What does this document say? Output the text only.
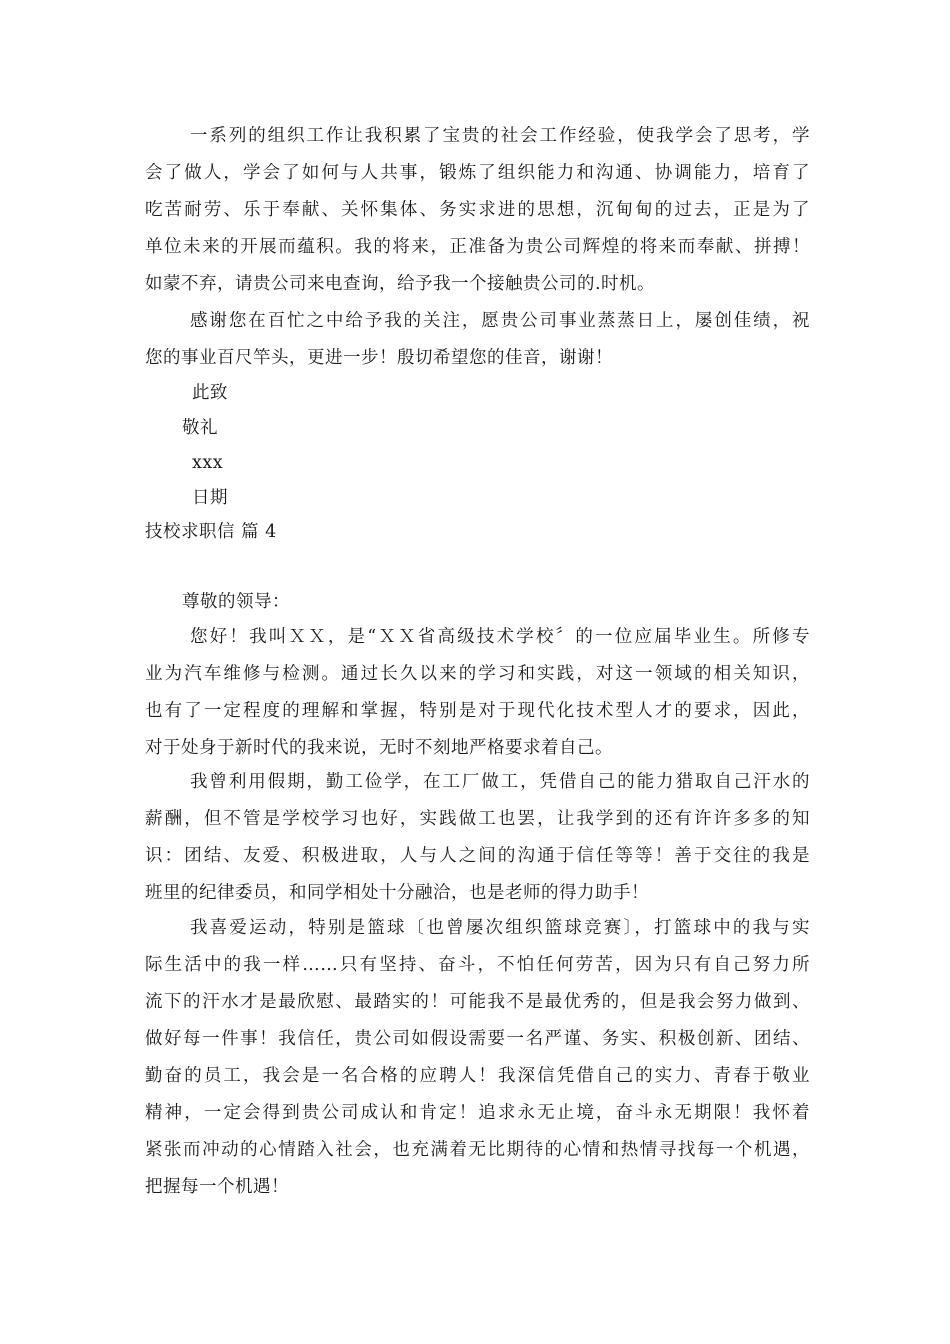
一系列的组织工作让我积累了宝贵的社会工作经验，使我学会了思考，学
会了做人，学会了如何与人共事，锻炼了组织能力和沟通、协调能力，培育了
吃苦耐劳、乐于奉献、关怀集体、务实求进的思想，沉甸甸的过去，正是为了
单位未来的开展而蕴积。我的将来，正准备为贵公司辉煌的将来而奉献、拼搏！
如蒙不弃，请贵公司来电查询，给予我一个接触贵公司的.时机。
感谢您在百忙之中给予我的关注，愿贵公司事业蒸蒸日上，屡创佳绩，祝
您的事业百尺竿头，更进一步！殷切希望您的佳音，谢谢！
此致
敬礼
xxx
日期
技校求职信 篇 4
尊敬的领导：
您好！我叫ＸＸ，是“ＸＸ省高级技术学校〞的一位应届毕业生。所修专
业为汽车维修与检测。通过长久以来的学习和实践，对这一领域的相关知识，
也有了一定程度的理解和掌握，特别是对于现代化技术型人才的要求，因此，
对于处身于新时代的我来说，无时不刻地严格要求着自己。
我曾利用假期，勤工俭学，在工厂做工，凭借自己的能力猎取自己汗水的
薪酬，但不管是学校学习也好，实践做工也罢，让我学到的还有许许多多的知
识：团结、友爱、积极进取，人与人之间的沟通于信任等等！善于交往的我是
班里的纪律委员，和同学相处十分融洽，也是老师的得力助手！
我喜爱运动，特别是篮球〔也曾屡次组织篮球竞赛〕，打篮球中的我与实
际生活中的我一样……只有坚持、奋斗，不怕任何劳苦，因为只有自己努力所
流下的汗水才是最欣慰、最踏实的！可能我不是最优秀的，但是我会努力做到、
做好每一件事！我信任，贵公司如假设需要一名严谨、务实、积极创新、团结、
勤奋的员工，我会是一名合格的应聘人！我深信凭借自己的实力、青春于敬业
精神，一定会得到贵公司成认和肯定！追求永无止境，奋斗永无期限！我怀着
紧张而冲动的心情踏入社会，也充满着无比期待的心情和热情寻找每一个机遇，
把握每一个机遇！
